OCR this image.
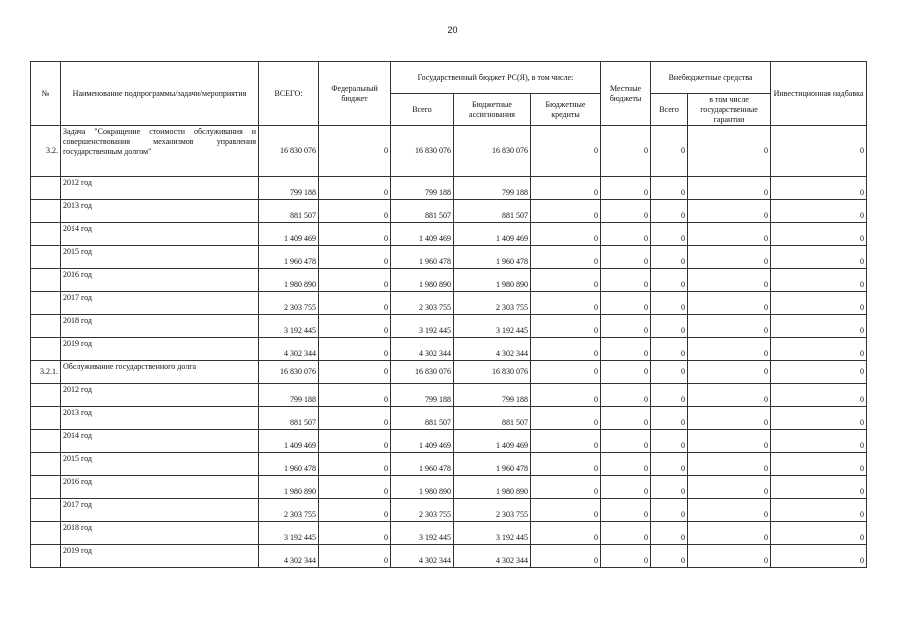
20
№	Наименование подпрограммы/задачи/мероприятия	ВСЕГО:	Федеральный бюджет	Государственный бюджет РС(Я), в том числе:			Местные бюджеты	Внебюджетные средства		Инвестиционная надбавка
				Всего	Бюджетные ассигнования	Бюджетные кредиты		Всего	в том числе государственные гарантии	
3.2.	Задача "Сокращение стоимости обслуживания и совершенствования механизмов управления государственным долгом"	16 830 076	0	16 830 076	16 830 076	0	0	0	0	0
	2012 год	799 188	0	799 188	799 188	0	0	0	0	0
	2013 год	881 507	0	881 507	881 507	0	0	0	0	0
	2014 год	1 409 469	0	1 409 469	1 409 469	0	0	0	0	0
	2015 год	1 960 478	0	1 960 478	1 960 478	0	0	0	0	0
	2016 год	1 980 890	0	1 980 890	1 980 890	0	0	0	0	0
	2017 год	2 303 755	0	2 303 755	2 303 755	0	0	0	0	0
	2018 год	3 192 445	0	3 192 445	3 192 445	0	0	0	0	0
	2019 год	4 302 344	0	4 302 344	4 302 344	0	0	0	0	0
3.2.1.	Обслуживание государственного долга	16 830 076	0	16 830 076	16 830 076	0	0	0	0	0
	2012 год	799 188	0	799 188	799 188	0	0	0	0	0
	2013 год	881 507	0	881 507	881 507	0	0	0	0	0
	2014 год	1 409 469	0	1 409 469	1 409 469	0	0	0	0	0
	2015 год	1 960 478	0	1 960 478	1 960 478	0	0	0	0	0
	2016 год	1 980 890	0	1 980 890	1 980 890	0	0	0	0	0
	2017 год	2 303 755	0	2 303 755	2 303 755	0	0	0	0	0
	2018 год	3 192 445	0	3 192 445	3 192 445	0	0	0	0	0
	2019 год	4 302 344	0	4 302 344	4 302 344	0	0	0	0	0
